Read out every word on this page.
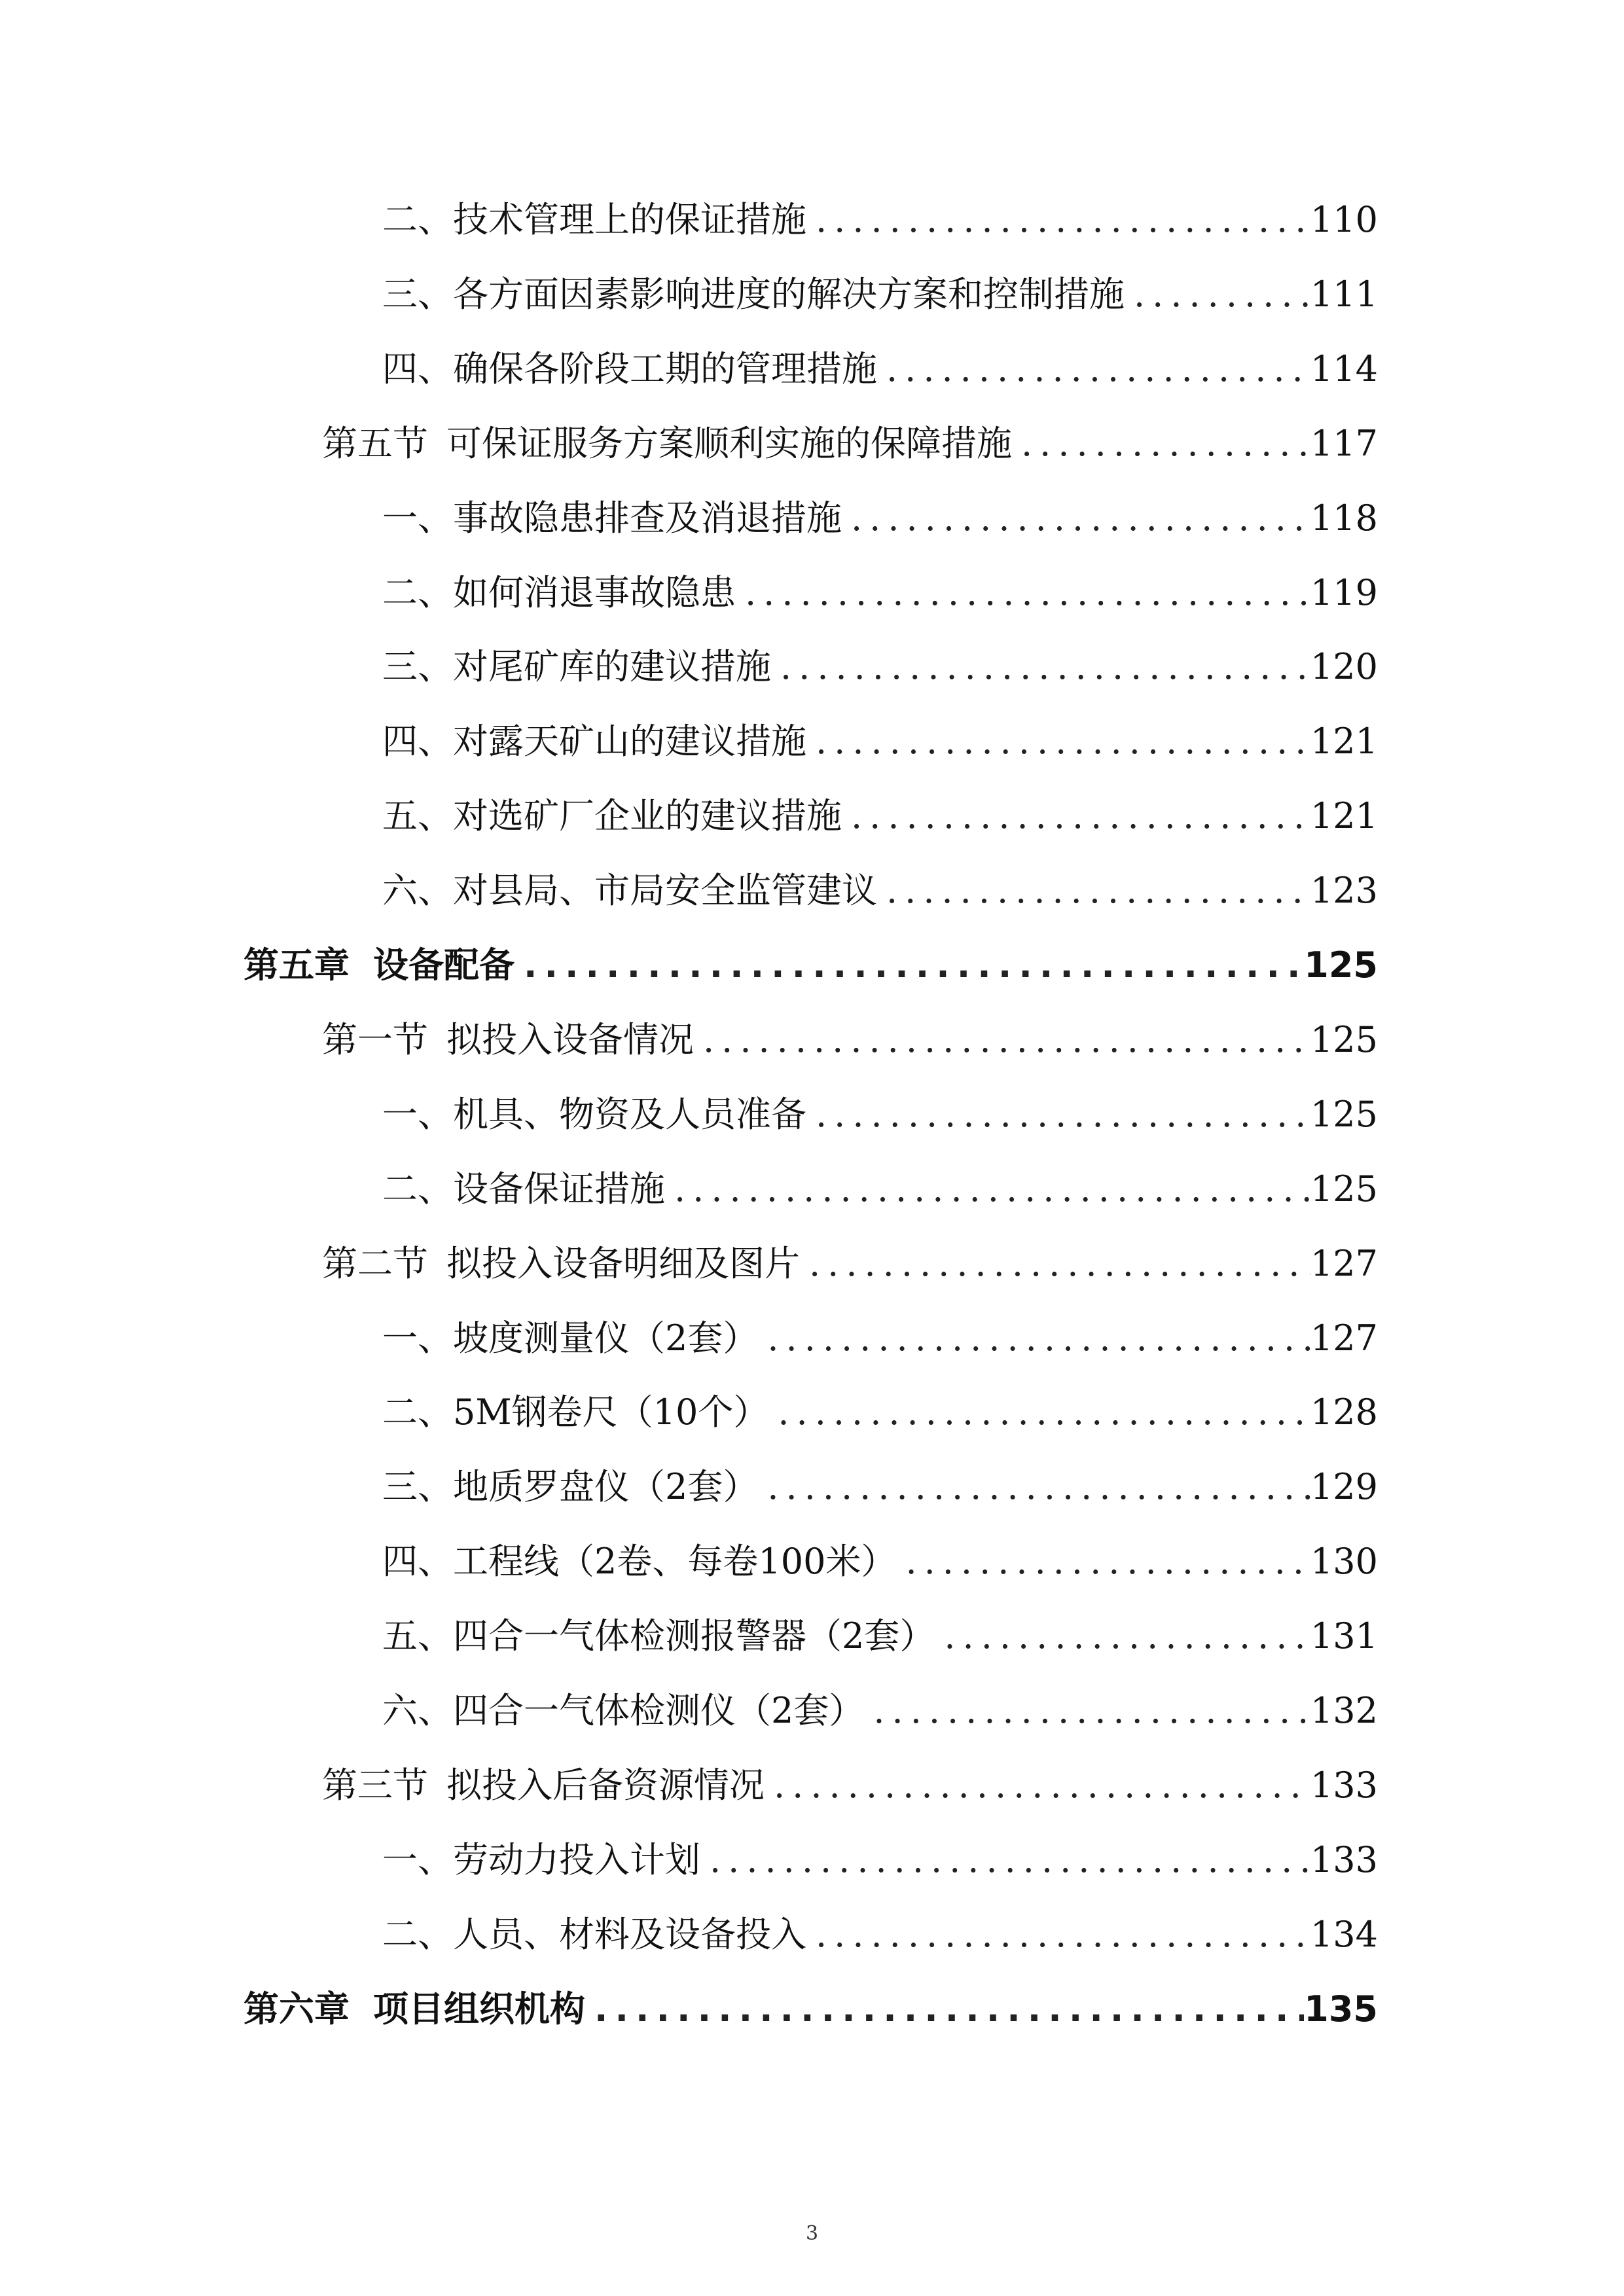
二、 技术管理上的保证措施 .....	110
三、 各方面因素影响进度的解决方案和控制措施 .....	111
四、 确保各阶段工期的管理措施 .....	114
第五节 可保证服务方案顺利实施的保障措施 .....	117
一、 事故隐患排查及消退措施 .....	118
二、 如何消退事故隐患 .....	119
三、 对尾矿库的建议措施 .....	120
四、 对露天矿山的建议措施 .....	121
五、 对选矿厂企业的建议措施 .....	121
六、 对县局、市局安全监管建议 .....	123
第五章 设备配备 .....	125
第一节 拟投入设备情况 .....	125
一、 机具、物资及人员准备 .....	125
二、 设备保证措施 .....	125
第二节 拟投入设备明细及图片 .....	127
一、 坡度测量仪（2套） .....	127
二、 5M钢卷尺（10个） .....	128
三、 地质罗盘仪（2套） .....	129
四、 工程线（2卷、每卷100米） .....	130
五、 四合一气体检测报警器（2套） .....	131
六、 四合一气体检测仪（2套） .....	132
第三节 拟投入后备资源情况 .....	133
一、 劳动力投入计划 .....	133
二、 人员、材料及设备投入 .....	134
第六章 项目组织机构 .....	135
3
